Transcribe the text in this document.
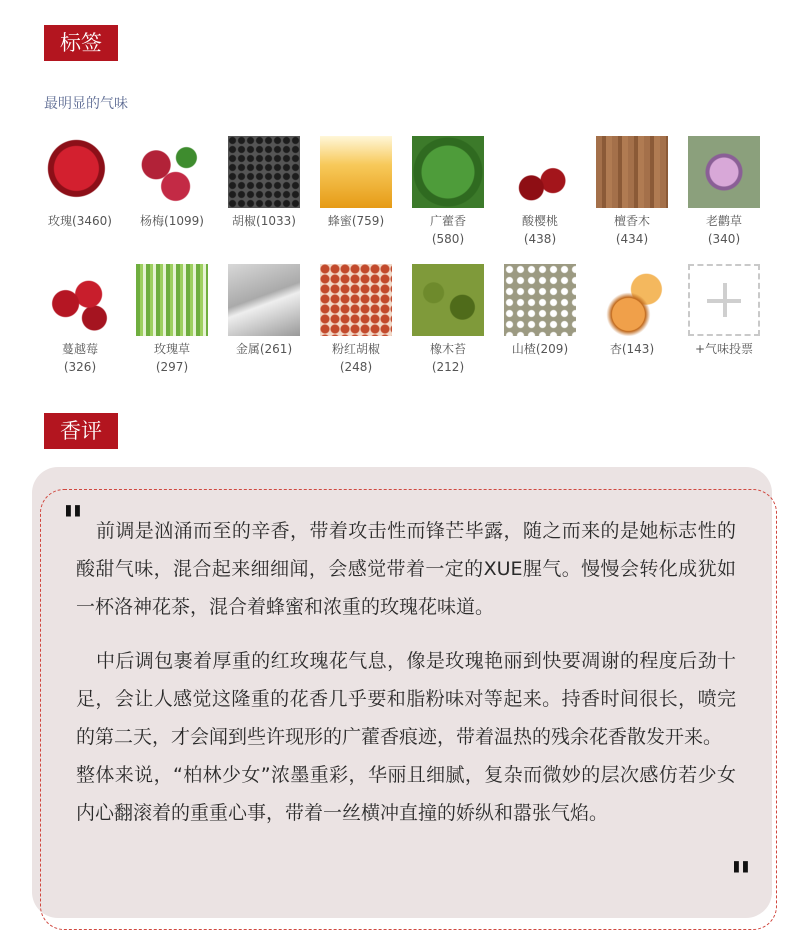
标签
最明显的气味
玫瑰(3460)	杨梅(1099)	胡椒(1033)	蜂蜜(759)	广藿香 (580)
酸樱桃 (438)
檀香木 (434)
老鹳草 (340)
蔓越莓 (326)
玫瑰草 (297)
金属(261)	粉红胡椒 (248)
橡木苔 (212)
山楂(209)	杏(143)	+气味投票
香评
" 前调是汹涌而至的辛香，带着攻击性而锋芒毕露，随之而来的是她标志性的酸甜气味，混合起来细细闻，会感觉带着一定的XUE腥气。慢慢会转化成犹如一杯洛神花茶，混合着蜂蜜和浓重的玫瑰花味道。

中后调包裹着厚重的红玫瑰花气息，像是玫瑰艳丽到快要凋谢的程度后劲十足，会让人感觉这隆重的花香几乎要和脂粉味对等起来。持香时间很长，喷完的第二天，才会闻到些许现形的广藿香痕迹，带着温热的残余花香散发开来。

整体来说，“柏林少女”浓墨重彩，华丽且细腻，复杂而微妙的层次感仿若少女内心翻滚着的重重心事，带着一丝横冲直撞的娇纵和嚣张气焰。

"
